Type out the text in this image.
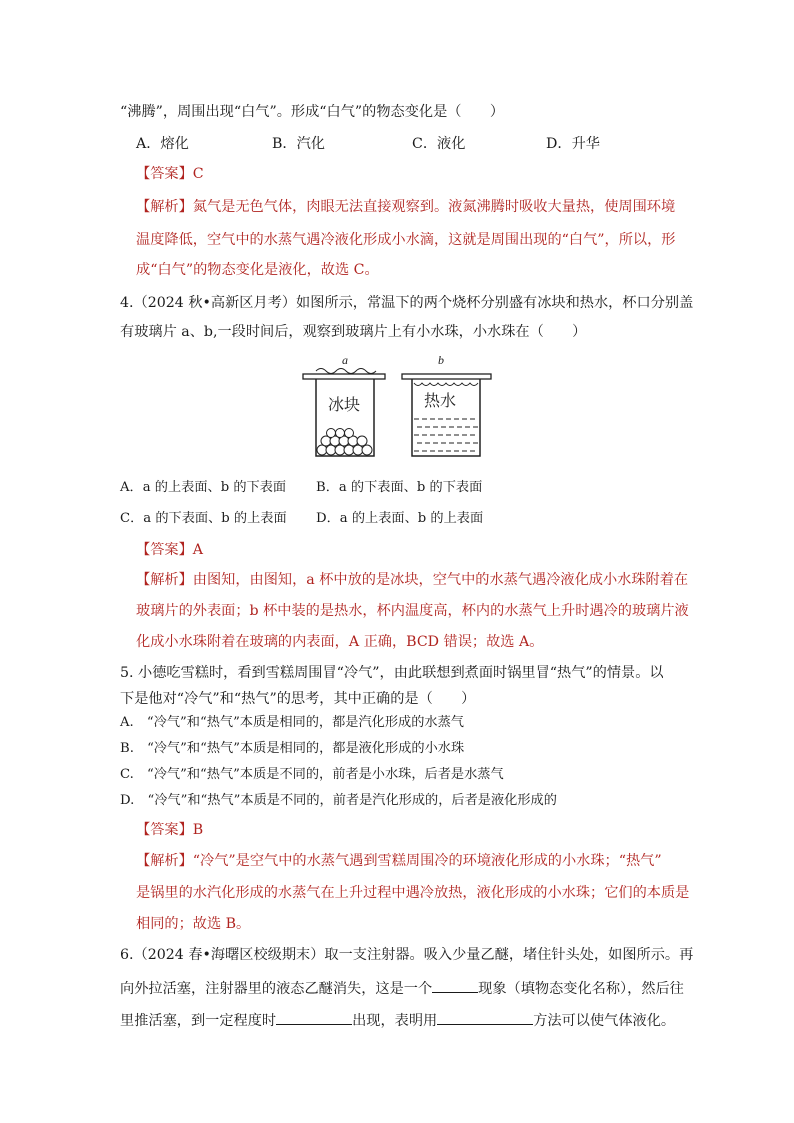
“沸腾”，周围出现“白气”。形成“白气”的物态变化是（　　）
A．熔化	B．汽化	C．液化	D．升华
【答案】C
【解析】氮气是无色气体，肉眼无法直接观察到。液氮沸腾时吸收大量热，使周围环境
温度降低，空气中的水蒸气遇冷液化形成小水滴，这就是周围出现的“白气”，所以，形
成“白气”的物态变化是液化，故选 C。
4.（2024 秋•高新区月考）如图所示，常温下的两个烧杯分别盛有冰块和热水，杯口分别盖
有玻璃片 a、b,一段时间后，观察到玻璃片上有小水珠，小水珠在（　　）
a
冰块
b
热水
A．a 的上表面、b 的下表面 B．a 的下表面、b 的下表面
C．a 的下表面、b 的上表面 D．a 的上表面、b 的上表面
【答案】A
【解析】由图知，由图知，a 杯中放的是冰块，空气中的水蒸气遇冷液化成小水珠附着在
玻璃片的外表面；b 杯中装的是热水，杯内温度高，杯内的水蒸气上升时遇冷的玻璃片液
化成小水珠附着在玻璃的内表面，A 正确，BCD 错误；故选 A。
5. 小德吃雪糕时，看到雪糕周围冒“冷气”，由此联想到煮面时锅里冒“热气”的情景。以
下是他对“冷气”和“热气”的思考，其中正确的是（　　）
A.　“冷气”和“热气”本质是相同的，都是汽化形成的水蒸气
B.　“冷气”和“热气”本质是相同的，都是液化形成的小水珠
C.　“冷气”和“热气”本质是不同的，前者是小水珠，后者是水蒸气
D.　“冷气”和“热气”本质是不同的，前者是汽化形成的，后者是液化形成的
【答案】B
【解析】“冷气”是空气中的水蒸气遇到雪糕周围冷的环境液化形成的小水珠；“热气”
是锅里的水汽化形成的水蒸气在上升过程中遇冷放热，液化形成的小水珠；它们的本质是
相同的；故选 B。
6.（2024 春•海曙区校级期末）取一支注射器。吸入少量乙醚，堵住针头处，如图所示。再
向外拉活塞，注射器里的液态乙醚消失，这是一个	现象（填物态变化名称），然后往
里推活塞，到一定程度时	出现，表明用	方法可以使气体液化。
